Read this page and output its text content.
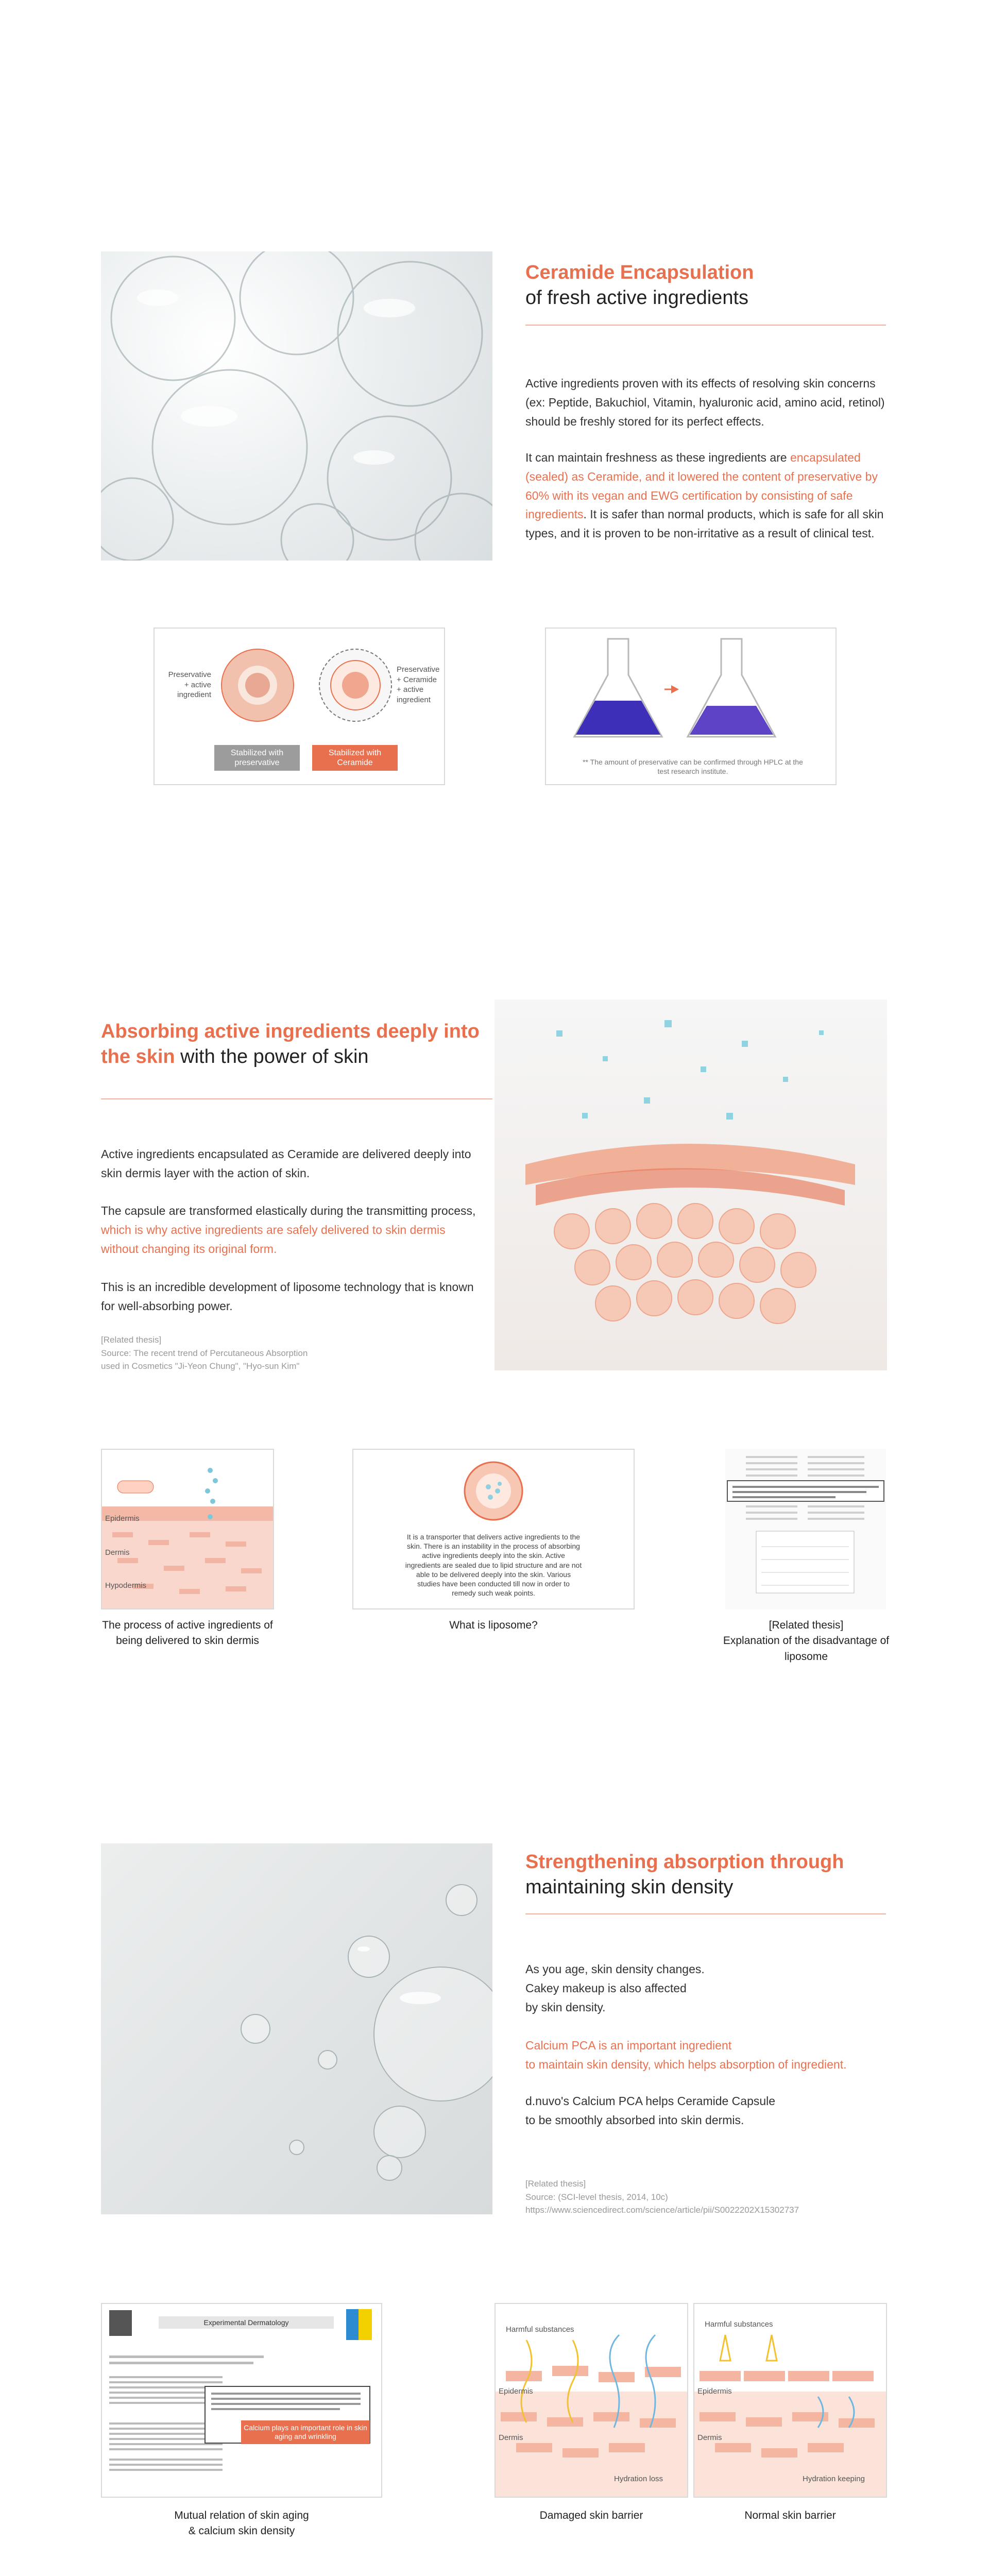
Ceramide Encapsulation
of fresh active ingredients
Active ingredients proven with its effects of resolving skin concerns (ex: Peptide, Bakuchiol, Vitamin, hyaluronic acid, amino acid, retinol) should be freshly stored for its perfect effects.
It can maintain freshness as these ingredients are encapsulated (sealed) as Ceramide, and it lowered the content of preservative by 60% with its vegan and EWG certification by consisting of safe ingredients. It is safer than normal products, which is safe for all skin types, and it is proven to be non-irritative as a result of clinical test.
Preservative + active ingredient
Preservative + Ceramide + active ingredient
Stabilized with preservative
Stabilized with Ceramide	** The amount of preservative can be confirmed through HPLC at the test research institute.
Absorbing active ingredients deeply into the skin with the power of skin
Active ingredients encapsulated as Ceramide are delivered deeply into skin dermis layer with the action of skin.
The capsule are transformed elastically during the transmitting process, which is why active ingredients are safely delivered to skin dermis without changing its original form.
This is an incredible development of liposome technology that is known for well-absorbing power.
[Related thesis]
Source: The recent trend of Percutaneous Absorption
used in Cosmetics "Ji-Yeon Chung", "Hyo-sun Kim"
Epidermis
Dermis
Hypodermis
The process of active ingredients of being delivered to skin dermis
It is a transporter that delivers active ingredients to the skin. There is an instability in the process of absorbing active ingredients deeply into the skin. Active ingredients are sealed due to lipid structure and are not able to be delivered deeply into the skin. Various studies have been conducted till now in order to remedy such weak points.
What is liposome?	[Related thesis]
Explanation of the disadvantage of liposome
Strengthening absorption through
maintaining skin density
As you age, skin density changes.
Cakey makeup is also affected
by skin density.
Calcium PCA is an important ingredient
to maintain skin density, which helps absorption of ingredient.
d.nuvo's Calcium PCA helps Ceramide Capsule
to be smoothly absorbed into skin dermis.
[Related thesis]
Source: (SCI-level thesis, 2014, 10c)
https://www.sciencedirect.com/science/article/pii/S0022202X15302737
Experimental Dermatology
Calcium plays an important role in skin aging and wrinkling
Mutual relation of skin aging
& calcium skin density
Harmful substances
Hydration loss
Epidermis
Dermis
Damaged skin barrier
Harmful substances
Hydration keeping
Epidermis
Dermis
Normal skin barrier
